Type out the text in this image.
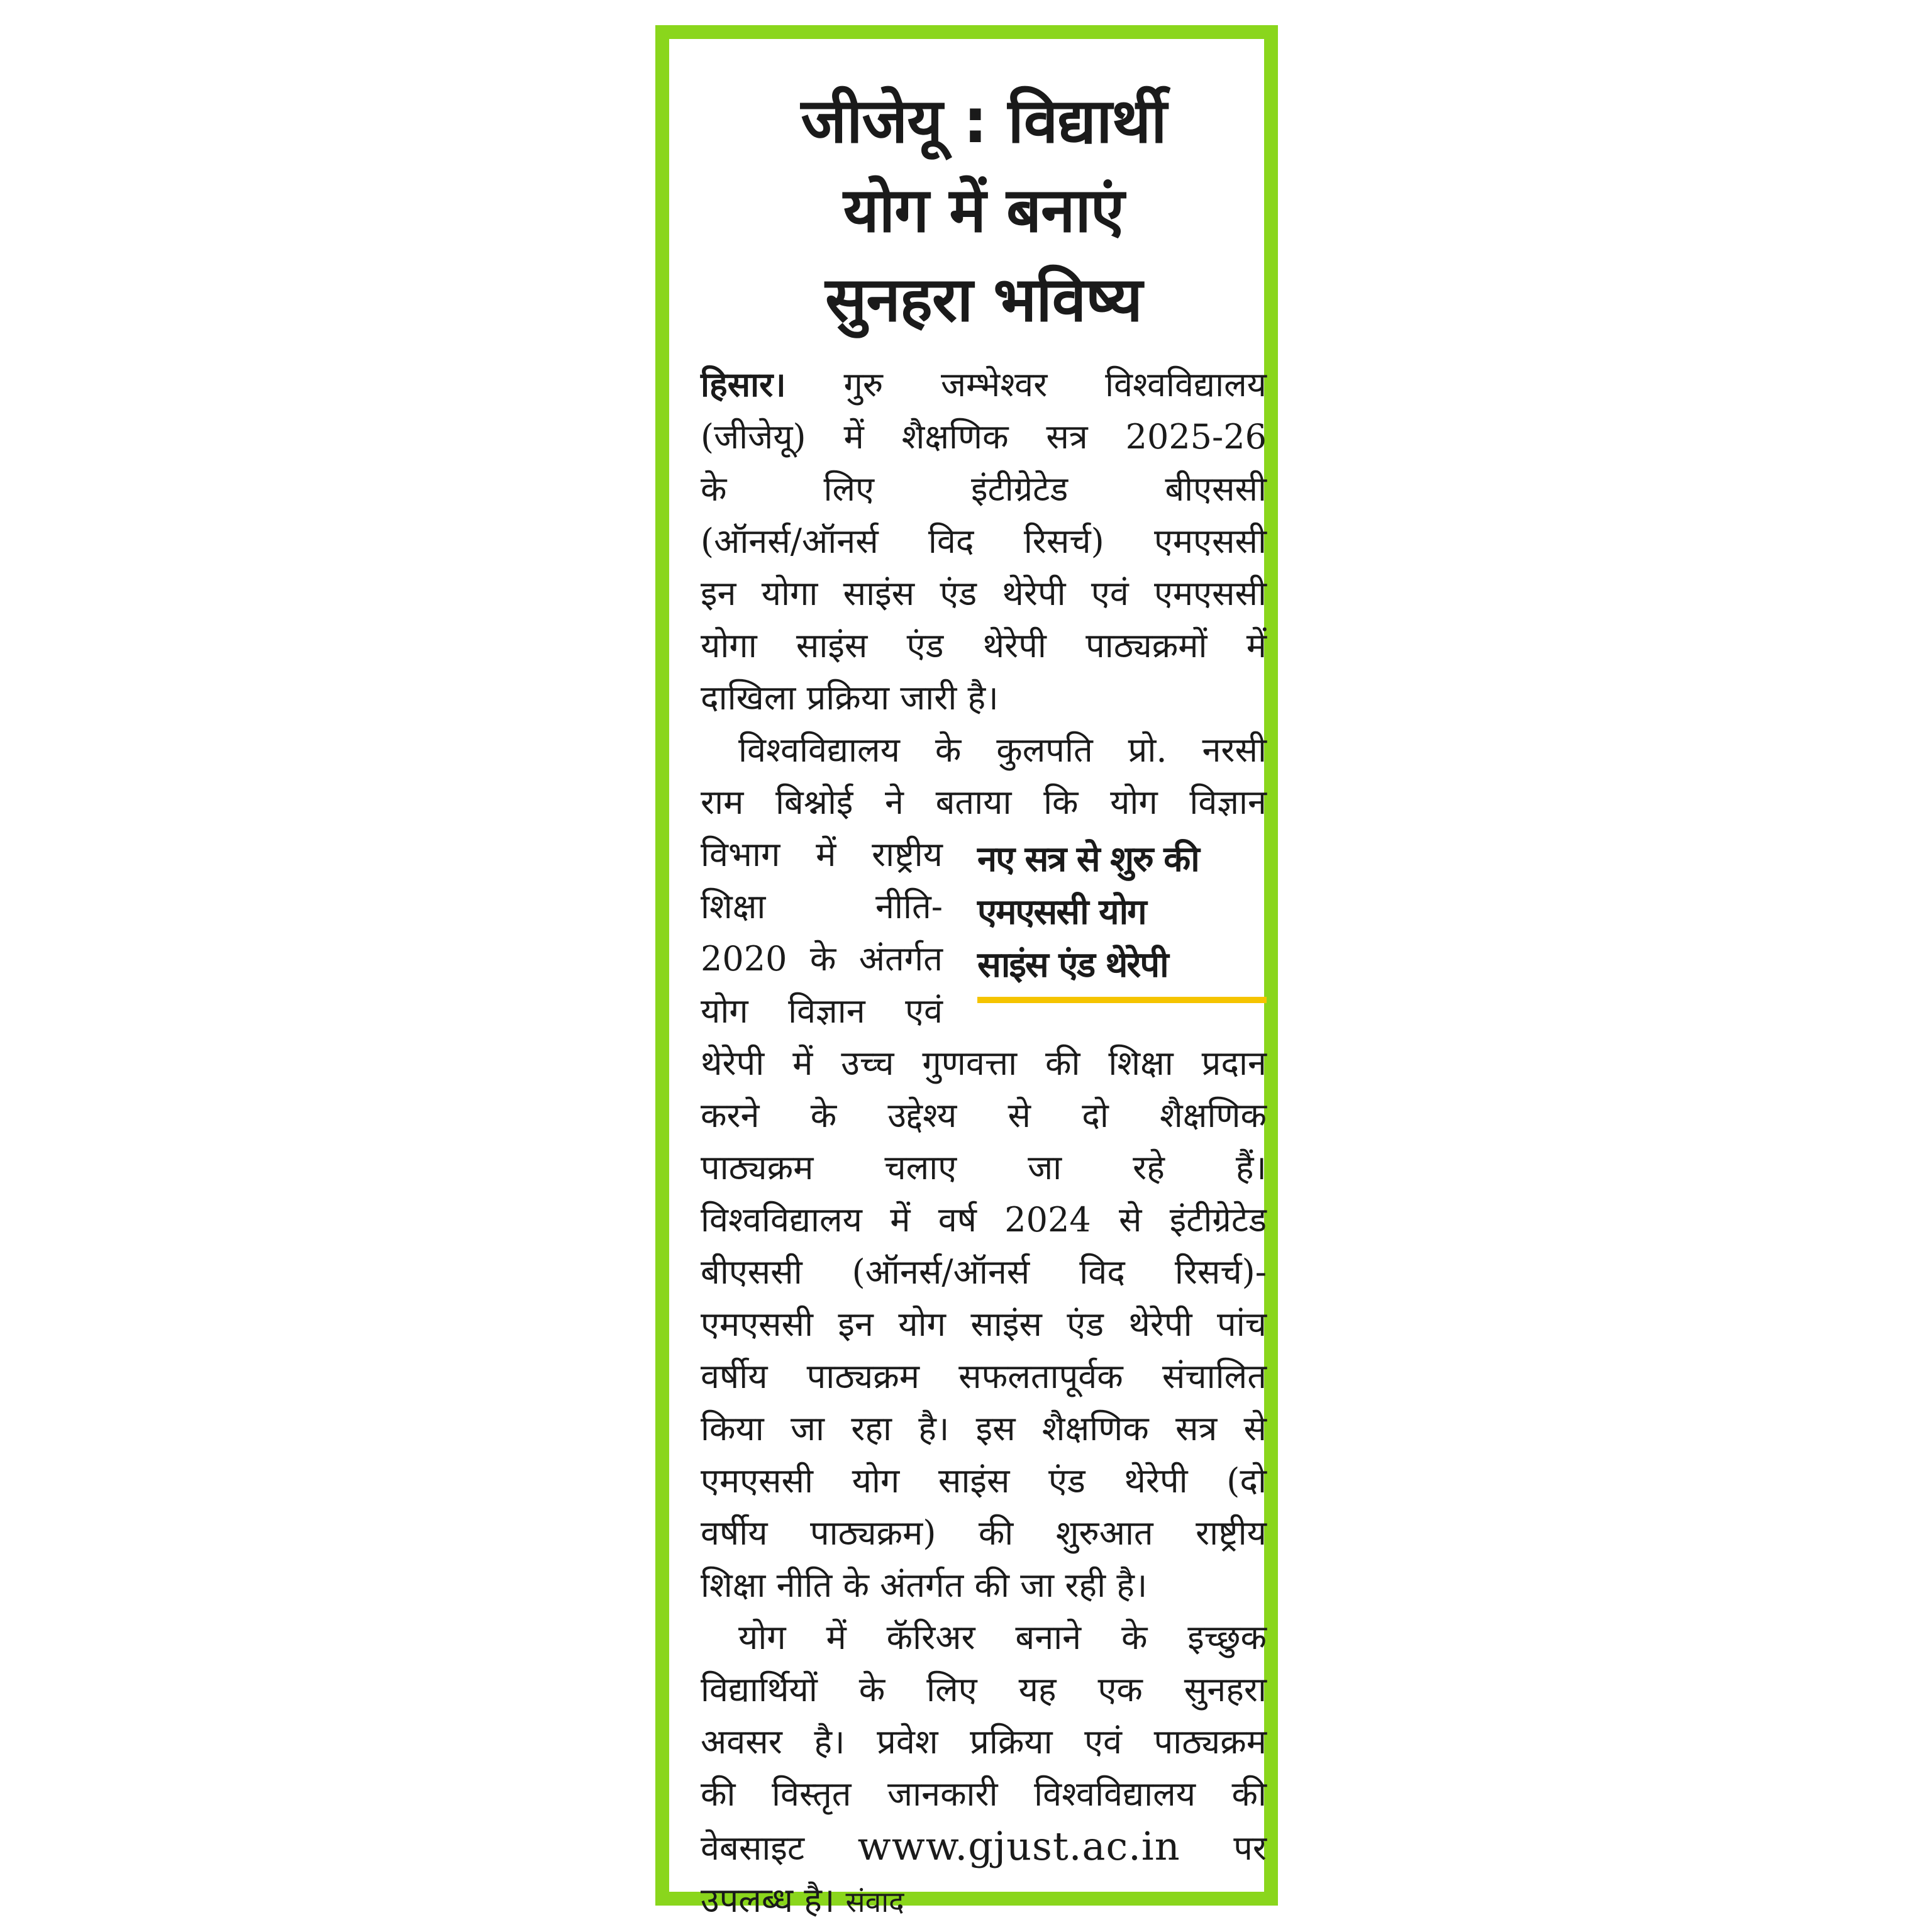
जीजेयू : विद्यार्थी
योग में बनाएं
सुनहरा भविष्य
हिसार। गुरु जम्भेश्वर विश्वविद्यालय
(जीजेयू) में शैक्षणिक सत्र 2025-26
के लिए इंटीग्रेटेड बीएससी
(ऑनर्स/ऑनर्स विद रिसर्च) एमएससी
इन योगा साइंस एंड थेरेपी एवं एमएससी
योगा साइंस एंड थेरेपी पाठ्यक्रमों में
दाखिला प्रक्रिया जारी है।
विश्वविद्यालय के कुलपति प्रो. नरसी
राम बिश्नोई ने बताया कि योग विज्ञान
विभाग में राष्ट्रीय
शिक्षा नीति-
2020 के अंतर्गत
योग विज्ञान एवं
नए सत्र से शुरु की
एमएससी योग
साइंस एंड थेरेपी
थेरेपी में उच्च गुणवत्ता की शिक्षा प्रदान
करने के उद्देश्य से दो शैक्षणिक
पाठ्यक्रम चलाए जा रहे हैं।
विश्वविद्यालय में वर्ष 2024 से इंटीग्रेटेड
बीएससी (ऑनर्स/ऑनर्स विद रिसर्च)-
एमएससी इन योग साइंस एंड थेरेपी पांच
वर्षीय पाठ्यक्रम सफलतापूर्वक संचालित
किया जा रहा है। इस शैक्षणिक सत्र से
एमएससी योग साइंस एंड थेरेपी (दो
वर्षीय पाठ्यक्रम) की शुरुआत राष्ट्रीय
शिक्षा नीति के अंतर्गत की जा रही है।
योग में कॅरिअर बनाने के इच्छुक
विद्यार्थियों के लिए यह एक सुनहरा
अवसर है। प्रवेश प्रक्रिया एवं पाठ्यक्रम
की विस्तृत जानकारी विश्वविद्यालय की
वेबसाइट www.gjust.ac.in पर
उपलब्ध है। संवाद
